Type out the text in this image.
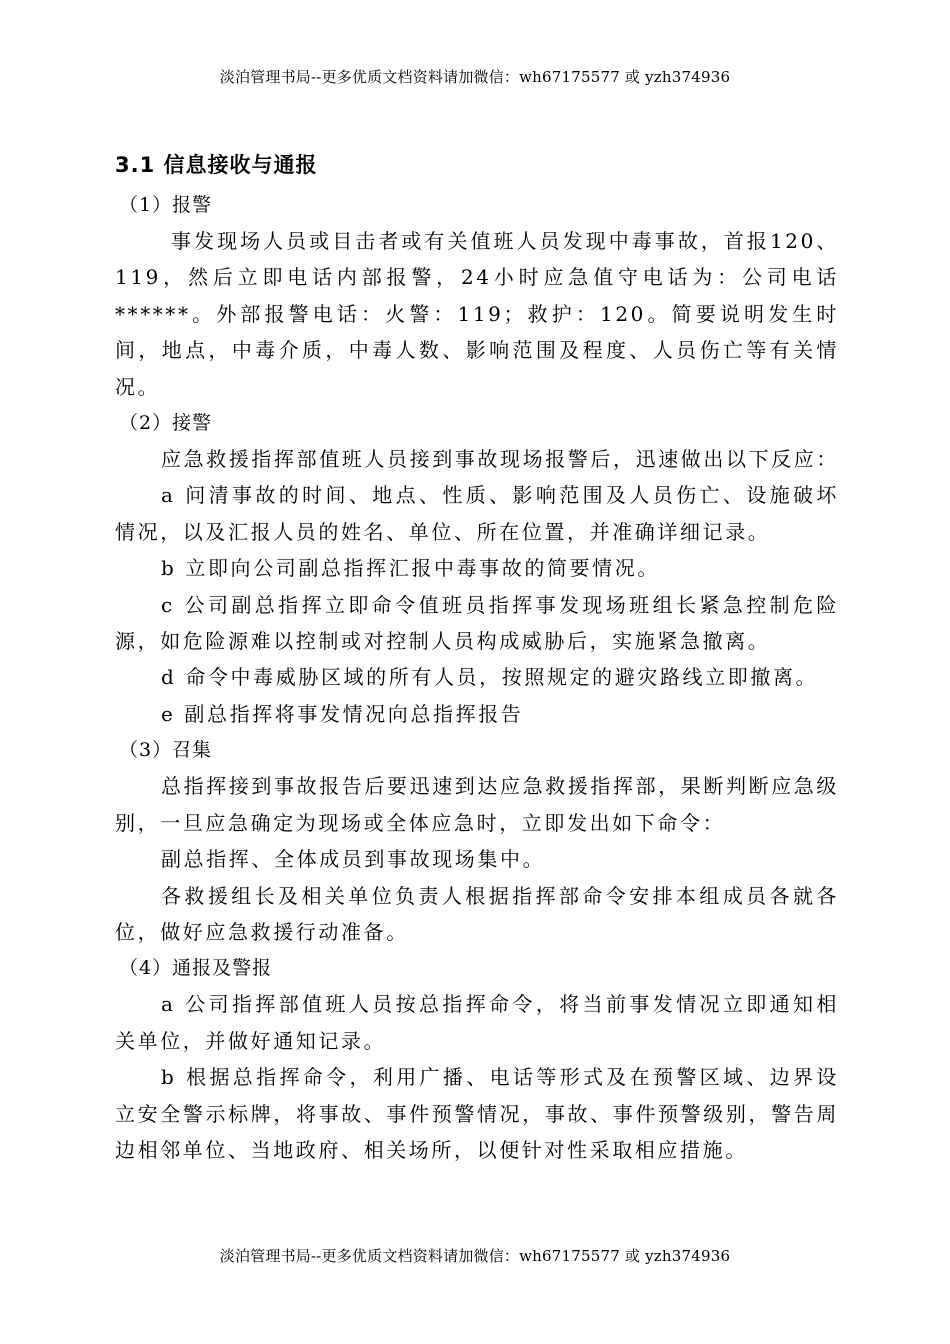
淡泊管理书局--更多优质文档资料请加微信：wh67175577 或 yzh374936
3.1 信息接收与通报
（1）报警

事发现场人员或目击者或有关值班人员发现中毒事故，首报120、119，然后立即电话内部报警，24小时应急值守电话为：公司电话******。外部报警电话：火警：119；救护：120。简要说明发生时间，地点，中毒介质，中毒人数、影响范围及程度、人员伤亡等有关情况。

（2）接警

应急救援指挥部值班人员接到事故现场报警后，迅速做出以下反应：

a 问清事故的时间、地点、性质、影响范围及人员伤亡、设施破坏情况，以及汇报人员的姓名、单位、所在位置，并准确详细记录。

b 立即向公司副总指挥汇报中毒事故的简要情况。

c 公司副总指挥立即命令值班员指挥事发现场班组长紧急控制危险源，如危险源难以控制或对控制人员构成威胁后，实施紧急撤离。

d 命令中毒威胁区域的所有人员，按照规定的避灾路线立即撤离。

e 副总指挥将事发情况向总指挥报告

（3）召集

总指挥接到事故报告后要迅速到达应急救援指挥部，果断判断应急级别，一旦应急确定为现场或全体应急时，立即发出如下命令：

副总指挥、全体成员到事故现场集中。

各救援组长及相关单位负责人根据指挥部命令安排本组成员各就各位，做好应急救援行动准备。

（4）通报及警报

a 公司指挥部值班人员按总指挥命令，将当前事发情况立即通知相关单位，并做好通知记录。

b 根据总指挥命令，利用广播、电话等形式及在预警区域、边界设立安全警示标牌，将事故、事件预警情况，事故、事件预警级别，警告周边相邻单位、当地政府、相关场所，以便针对性采取相应措施。

淡泊管理书局--更多优质文档资料请加微信：wh67175577 或 yzh374936
